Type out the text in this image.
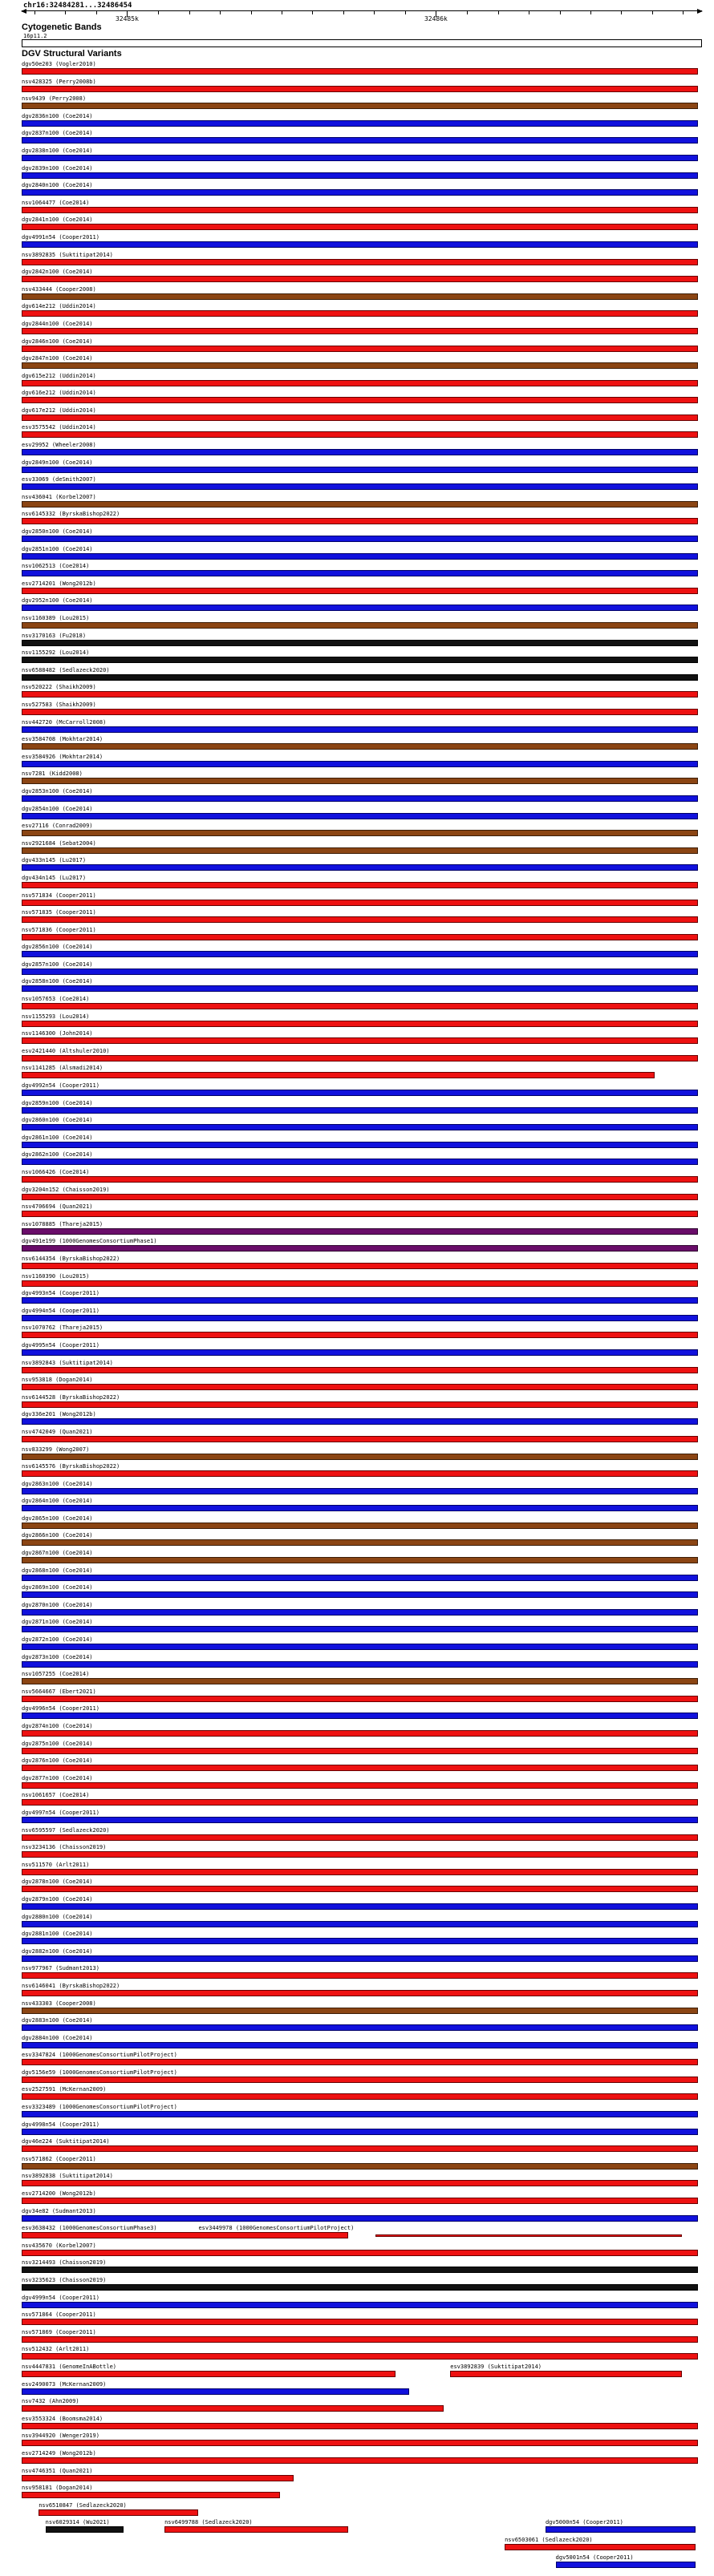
chr16:32484281...32486454
32485k	32486k
Cytogenetic Bands
16p11.2
DGV Structural Variants
dgv50e203 (Vogler2010)
nsv428325 (Perry2008b)
nsv9439 (Perry2008)
dgv2836n100 (Coe2014)
dgv2837n100 (Coe2014)
dgv2838n100 (Coe2014)
dgv2839n100 (Coe2014)
dgv2840n100 (Coe2014)
nsv1064477 (Coe2014)
dgv2841n100 (Coe2014)
dgv4991n54 (Cooper2011)
nsv3892835 (Suktitipat2014)
dgv2842n100 (Coe2014)
nsv433444 (Cooper2008)
dgv614e212 (Uddin2014)
dgv2844n100 (Coe2014)
dgv2846n100 (Coe2014)
dgv2847n100 (Coe2014)
dgv615e212 (Uddin2014)
dgv616e212 (Uddin2014)
dgv617e212 (Uddin2014)
esv3575542 (Uddin2014)
esv29952 (Wheeler2008)
dgv2849n100 (Coe2014)
esv33069 (deSmith2007)
nsv436041 (Korbel2007)
nsv6145332 (ByrskaBishop2022)
dgv2850n100 (Coe2014)
dgv2851n100 (Coe2014)
nsv1062513 (Coe2014)
esv2714201 (Wong2012b)
dgv2952n100 (Coe2014)
nsv1160389 (Lou2015)
nsv3170163 (Fu2018)
nsv1155292 (Lou2014)
nsv6588482 (Sedlazeck2020)
nsv520222 (Shaikh2009)
nsv527583 (Shaikh2009)
nsv442720 (McCarroll2008)
esv3584708 (Mokhtar2014)
esv3584926 (Mokhtar2014)
nsv7281 (Kidd2008)
dgv2853n100 (Coe2014)
dgv2854n100 (Coe2014)
esv27116 (Conrad2009)
nsv2921684 (Sebat2004)
dgv433n145 (Lu2017)
dgv434n145 (Lu2017)
nsv571834 (Cooper2011)
nsv571835 (Cooper2011)
nsv571836 (Cooper2011)
dgv2856n100 (Coe2014)
dgv2857n100 (Coe2014)
dgv2858n100 (Coe2014)
nsv1057653 (Coe2014)
nsv1155293 (Lou2014)
nsv1146300 (John2014)
esv2421440 (Altshuler2010)
nsv1141285 (Alsmadi2014)
dgv4992n54 (Cooper2011)
dgv2859n100 (Coe2014)
dgv2860n100 (Coe2014)
dgv2861n100 (Coe2014)
dgv2862n100 (Coe2014)
nsv1066426 (Coe2014)
dgv3204n152 (Chaisson2019)
nsv4706694 (Quan2021)
nsv1078885 (Thareja2015)
dgv491e199 (1000GenomesConsortiumPhase1)
nsv6144354 (ByrskaBishop2022)
nsv1160390 (Lou2015)
dgv4993n54 (Cooper2011)
dgv4994n54 (Cooper2011)
nsv1070762 (Thareja2015)
dgv4995n54 (Cooper2011)
nsv3892843 (Suktitipat2014)
nsv953818 (Dogan2014)
nsv6144528 (ByrskaBishop2022)
dgv336e201 (Wong2012b)
nsv4742049 (Quan2021)
nsv833299 (Wong2007)
nsv6145576 (ByrskaBishop2022)
dgv2863n100 (Coe2014)
dgv2864n100 (Coe2014)
dgv2865n100 (Coe2014)
dgv2866n100 (Coe2014)
dgv2867n100 (Coe2014)
dgv2868n100 (Coe2014)
dgv2869n100 (Coe2014)
dgv2870n100 (Coe2014)
dgv2871n100 (Coe2014)
dgv2872n100 (Coe2014)
dgv2873n100 (Coe2014)
nsv1057255 (Coe2014)
nsv5664667 (Ebert2021)
dgv4996n54 (Cooper2011)
dgv2874n100 (Coe2014)
dgv2875n100 (Coe2014)
dgv2876n100 (Coe2014)
dgv2877n100 (Coe2014)
nsv1061657 (Coe2014)
dgv4997n54 (Cooper2011)
nsv6595597 (Sedlazeck2020)
nsv3234136 (Chaisson2019)
nsv511570 (Arlt2011)
dgv2878n100 (Coe2014)
dgv2879n100 (Coe2014)
dgv2880n100 (Coe2014)
dgv2881n100 (Coe2014)
dgv2882n100 (Coe2014)
nsv977967 (Sudmant2013)
nsv6146041 (ByrskaBishop2022)
nsv433303 (Cooper2008)
dgv2883n100 (Coe2014)
dgv2884n100 (Coe2014)
esv3347824 (1000GenomesConsortiumPilotProject)
dgv5156e59 (1000GenomesConsortiumPilotProject)
esv2527591 (McKernan2009)
esv3323489 (1000GenomesConsortiumPilotProject)
dgv4998n54 (Cooper2011)
dgv46e224 (Suktitipat2014)
nsv571862 (Cooper2011)
nsv3892838 (Suktitipat2014)
esv2714200 (Wong2012b)
dgv34e82 (Sudmant2013)
esv3638432 (1000GenomesConsortiumPhase3)	esv3449978 (1000GenomesConsortiumPilotProject)
nsv435670 (Korbel2007)
nsv3214493 (Chaisson2019)
nsv3235623 (Chaisson2019)
dgv4999n54 (Cooper2011)
nsv571864 (Cooper2011)
nsv571869 (Cooper2011)
nsv512432 (Arlt2011)
nsv4447831 (GenomeInABottle)	esv3892839 (Suktitipat2014)
esv2490073 (McKernan2009)
nsv7432 (Ahn2009)
esv3553324 (Boomsma2014)
nsv3944920 (Wenger2019)
esv2714249 (Wong2012b)
nsv4746351 (Quan2021)
nsv958181 (Dogan2014)
nsv6510847 (Sedlazeck2020)
nsv6029314 (Wu2021)	nsv6499788 (Sedlazeck2020)	dgv5000n54 (Cooper2011)
nsv6503061 (Sedlazeck2020)
dgv5001n54 (Cooper2011)
